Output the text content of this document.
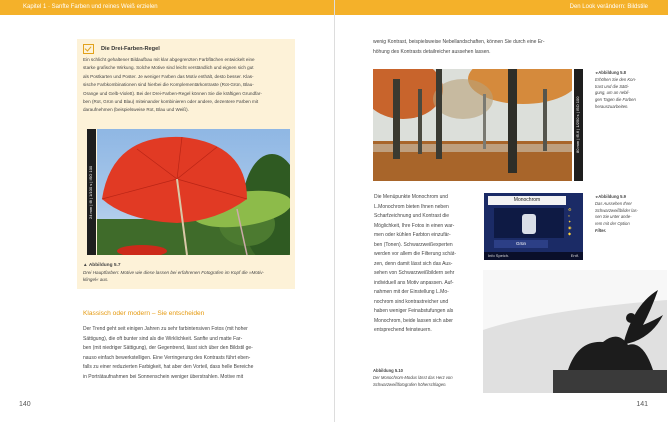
Kapitel 1 · Sanfte Farben und reines Weiß erzielen
Die Drei-Farben-Regel
Ein schlicht gehaltener Bildaufbau mit klar abgegrenzten Farbflächen entwickelt eine
starke grafische Wirkung. Solche Motive sind leicht verständlich und eignen sich gut
als Postkarten und Poster. Je weniger Farben das Motiv enthält, desto besser. Klas-
sische Farbkombinationen sind hierbei die Komplementärkontraste (Rot-Grün, Blau-
Orange und Gelb-Violett). Bei der Drei-Farben-Regel können Sie die kräftigen Grundfar-
ben (Rot, Grün und Blau) miteinander kombinieren oder andere, dezentere Farben mit
daraufnehmen (beispielsweise Rot, Blau und Weiß).
▲ Abbildung 5.7
Drei Hauptfarben: Motive wie diese lassen bei erfahrenen Fotografen im Kopf die »Motiv-
klingel« aus.
24 mm | f8 | 1/100 s | ISO 100
Klassisch oder modern – Sie entscheiden
Der Trend geht seit einigen Jahren zu sehr farbintensiven Fotos (mit hoher
Sättigung), die oft bunter sind als die Wirklichkeit. Sanfte und matte Far-
ben (mit niedriger Sättigung), der Gegentrend, lässt sich über den Bildstil ge-
nauso einfach bewerkstelligen. Eine Verringerung des Kontrasts führt eben-
falls zu einer reduzierten Farbigkeit, hat aber den Vorteil, dass helle Bereiche
in Porträtaufnahmen bei Sonnenschein weniger überstrahlen. Motive mit
140
Den Look verändern: Bildstile
wenig Kontrast, beispielsweise Nebellandschaften, können Sie durch eine Er-
höhung des Kontrasts detailreicher aussehen lassen.
◂ Abbildung 5.8
Erhöhen Sie den Kon-
trast und die Sätti-
gung, um an nebli-
gen Tagen die Farben
herauszuarbeiten.
◂ Abbildung 5.9
Das Aussehen Ihrer
Schwarzweißbilder las-
sen Sie unter ande-
rem mit der Option
Filter.
Die Menüpunkte Monochrom und
L.Monochrom bieten Ihnen neben
Scharfzeichnung und Kontrast die
Möglichkeit, Ihre Fotos in einen war-
men oder kühlen Farbton einzufär-
ben (Tonen). Schwarzweißexperten
werden vor allem die Filterung schät-
zen, denn damit lässt sich das Aus-
sehen von Schwarzweißbildern sehr
individuell ans Motiv anpassen. Auf-
nahmen mit der Einstellung L.Mo-
nochrom sind kontrastreicher und
haben weniger Feinabstufungen als
Monochrom, beide lassen sich aber
entsprechend feinsteuern.
Abbildung 5.10
Der Monochrom-Modus lässt das Herz von
Schwarzweißfotografen höherschlagen.
141
80 mm | f5.6 | 1/250 s | ISO 100
Monochrom
Grün
⚙
◐
✦
◉
◆
Info Speich.	Entf.
